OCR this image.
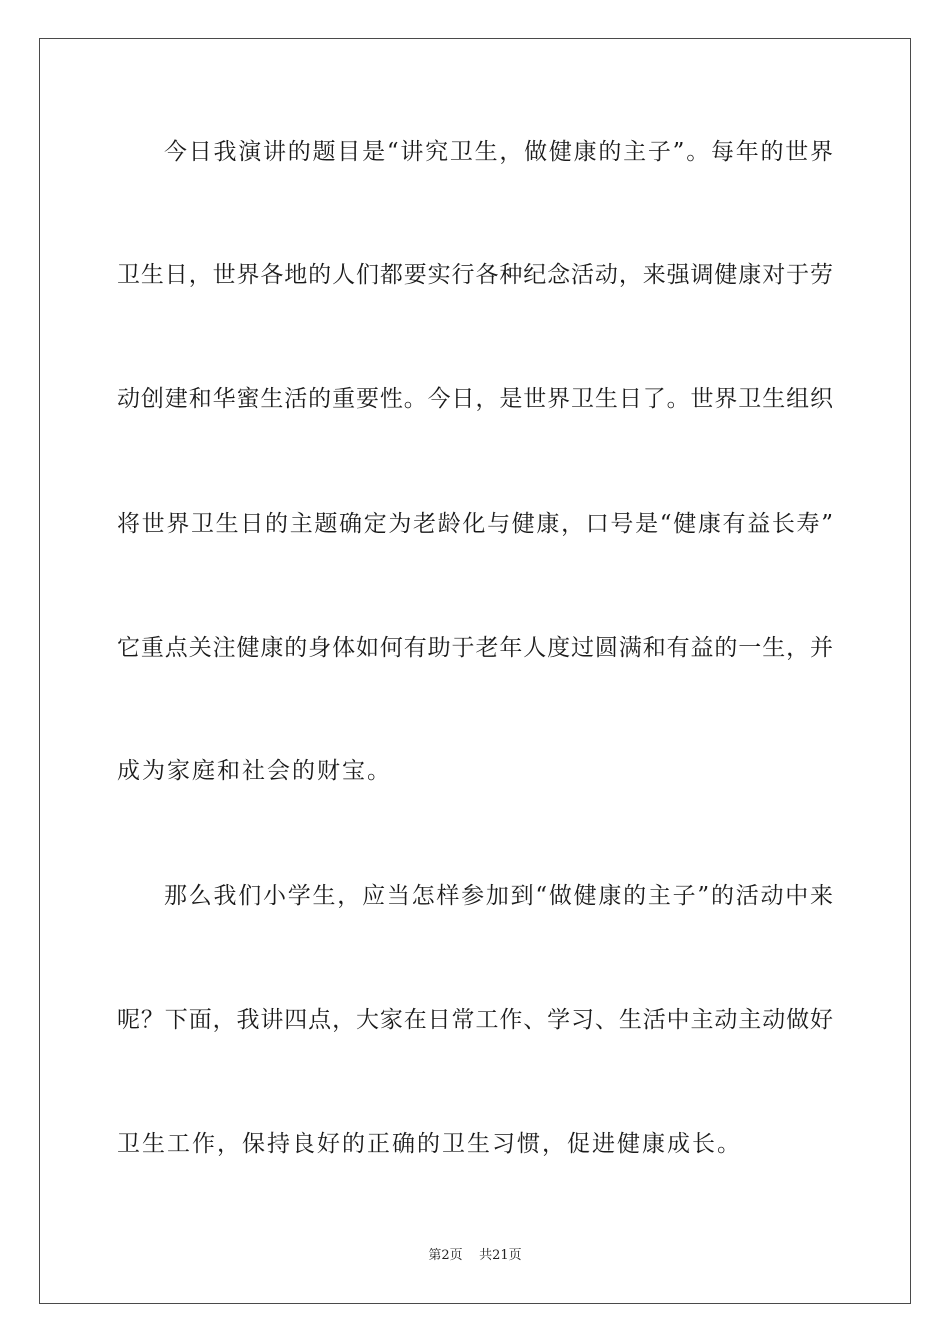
今日我演讲的题目是“讲究卫生，做健康的主子”。每年的世界
卫生日，世界各地的人们都要实行各种纪念活动，来强调健康对于劳
动创建和华蜜生活的重要性。今日，是世界卫生日了。世界卫生组织
将世界卫生日的主题确定为老龄化与健康，口号是“健康有益长寿”
它重点关注健康的身体如何有助于老年人度过圆满和有益的一生，并
成为家庭和社会的财宝。
那么我们小学生，应当怎样参加到“做健康的主子”的活动中来
呢？下面，我讲四点，大家在日常工作、学习、生活中主动主动做好
卫生工作，保持良好的正确的卫生习惯，促进健康成长。
第2页 共21页
